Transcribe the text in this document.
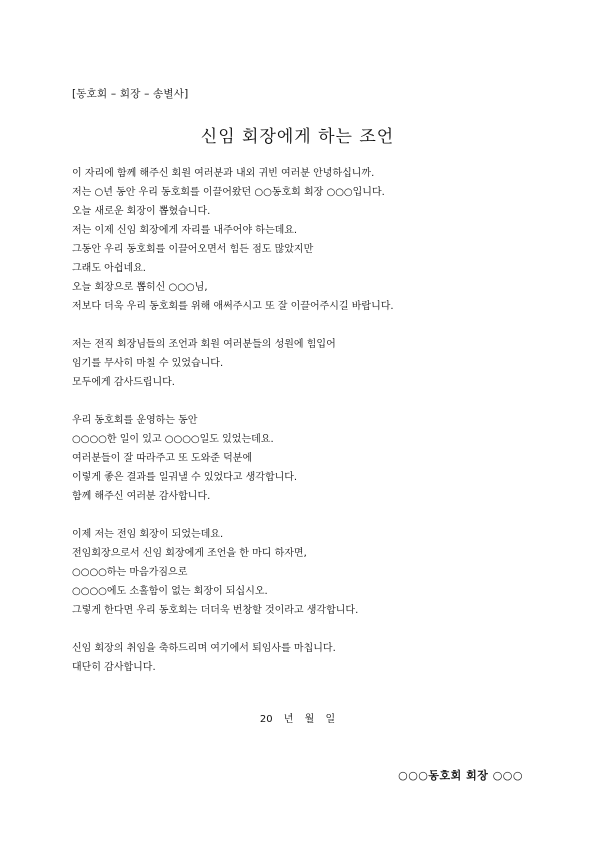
[동호회 – 회장 – 송별사]
신임 회장에게 하는 조언
이 자리에 함께 해주신 회원 여러분과 내외 귀빈 여러분 안녕하십니까.
저는 ○년 동안 우리 동호회를 이끌어왔던 ○○동호회 회장 ○○○입니다.
오늘 새로운 회장이 뽑혔습니다.
저는 이제 신임 회장에게 자리를 내주어야 하는데요.
그동안 우리 동호회를 이끌어오면서 힘든 점도 많았지만
그래도 아쉽네요.
오늘 회장으로 뽑히신 ○○○님,
저보다 더욱 우리 동호회를 위해 애써주시고 또 잘 이끌어주시길 바랍니다.
저는 전직 회장님들의 조언과 회원 여러분들의 성원에 힘입어
임기를 무사히 마칠 수 있었습니다.
모두에게 감사드립니다.
우리 동호회를 운영하는 동안
○○○○한 일이 있고 ○○○○일도 있었는데요.
여러분들이 잘 따라주고 또 도와준 덕분에
이렇게 좋은 결과를 일궈낼 수 있었다고 생각합니다.
함께 해주신 여러분 감사합니다.
이제 저는 전임 회장이 되었는데요.
전임회장으로서 신임 회장에게 조언을 한 마디 하자면,
○○○○하는 마음가짐으로
○○○○에도 소홀함이 없는 회장이 되십시오.
그렇게 한다면 우리 동호회는 더더욱 번창할 것이라고 생각합니다.
신임 회장의 취임을 축하드리며 여기에서 퇴임사를 마칩니다.
대단히 감사합니다.
20 년 월 일
○○○동호회 회장 ○○○
